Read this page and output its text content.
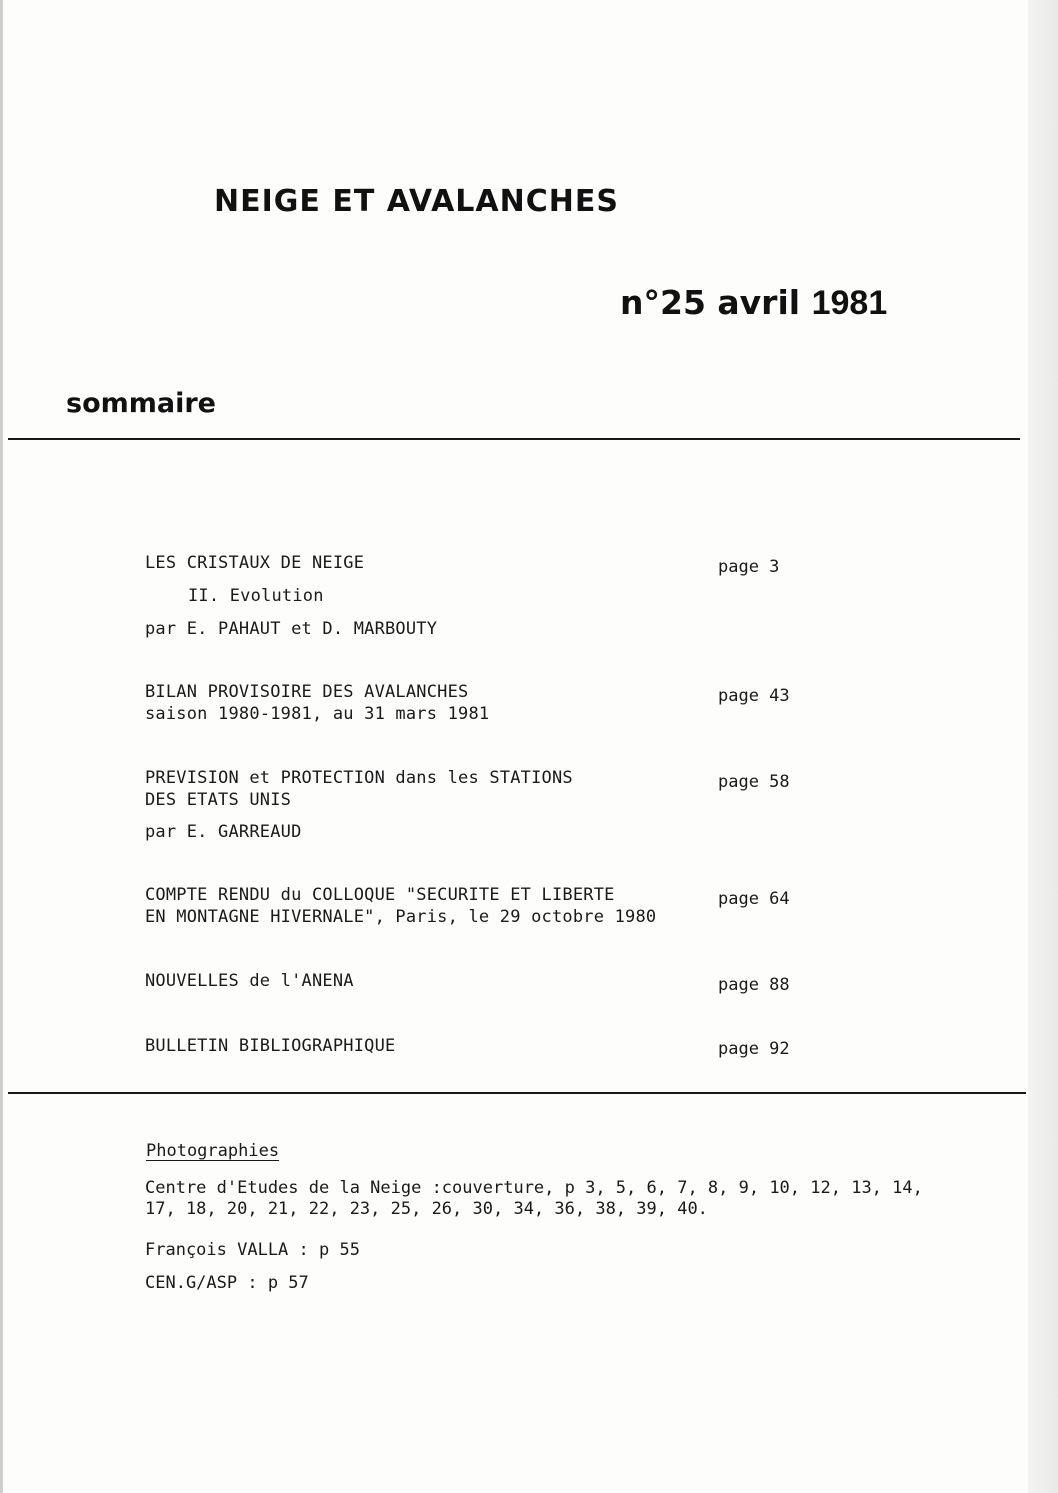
NEIGE ET AVALANCHES
n°25 avril 1981
sommaire
LES CRISTAUX DE NEIGE
II. Evolution
par E. PAHAUT et D. MARBOUTY
page 3
BILAN PROVISOIRE DES AVALANCHES
saison 1980-1981, au 31 mars 1981
page 43
PREVISION et PROTECTION dans les STATIONS
DES ETATS UNIS
par E. GARREAUD
page 58
COMPTE RENDU du COLLOQUE "SECURITE ET LIBERTE
EN MONTAGNE HIVERNALE", Paris, le 29 octobre 1980
page 64
NOUVELLES de l'ANENA	page 88
BULLETIN BIBLIOGRAPHIQUE	page 92
Photographies
Centre d'Etudes de la Neige :couverture, p 3, 5, 6, 7, 8, 9, 10, 12, 13, 14,
17, 18, 20, 21, 22, 23, 25, 26, 30, 34, 36, 38, 39, 40.
François VALLA : p 55
CEN.G/ASP : p 57
